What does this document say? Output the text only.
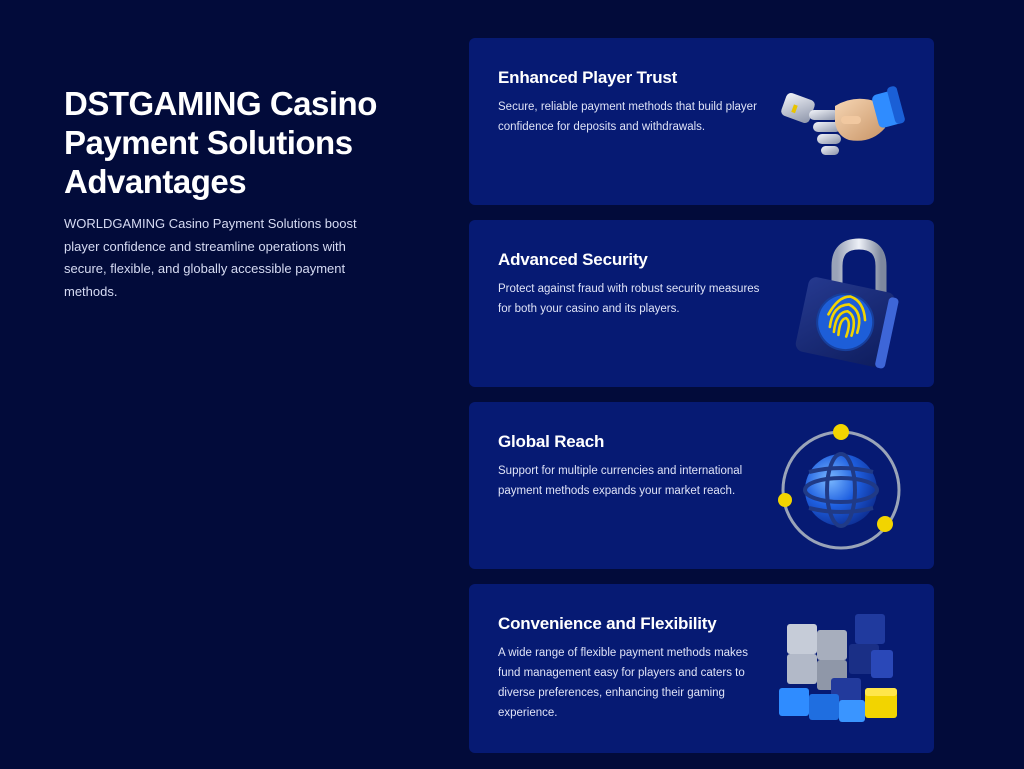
DSTGAMING Casino Payment Solutions Advantages

WORLDGAMING Casino Payment Solutions boost player confidence and streamline operations with secure, flexible, and globally accessible payment methods.

Enhanced Player Trust

Secure, reliable payment methods that build player confidence for deposits and withdrawals.

Advanced Security

Protect against fraud with robust security measures for both your casino and its players.

Global Reach

Support for multiple currencies and international payment methods expands your market reach.

Convenience and Flexibility

A wide range of flexible payment methods makes fund management easy for players and caters to diverse preferences, enhancing their gaming experience.
